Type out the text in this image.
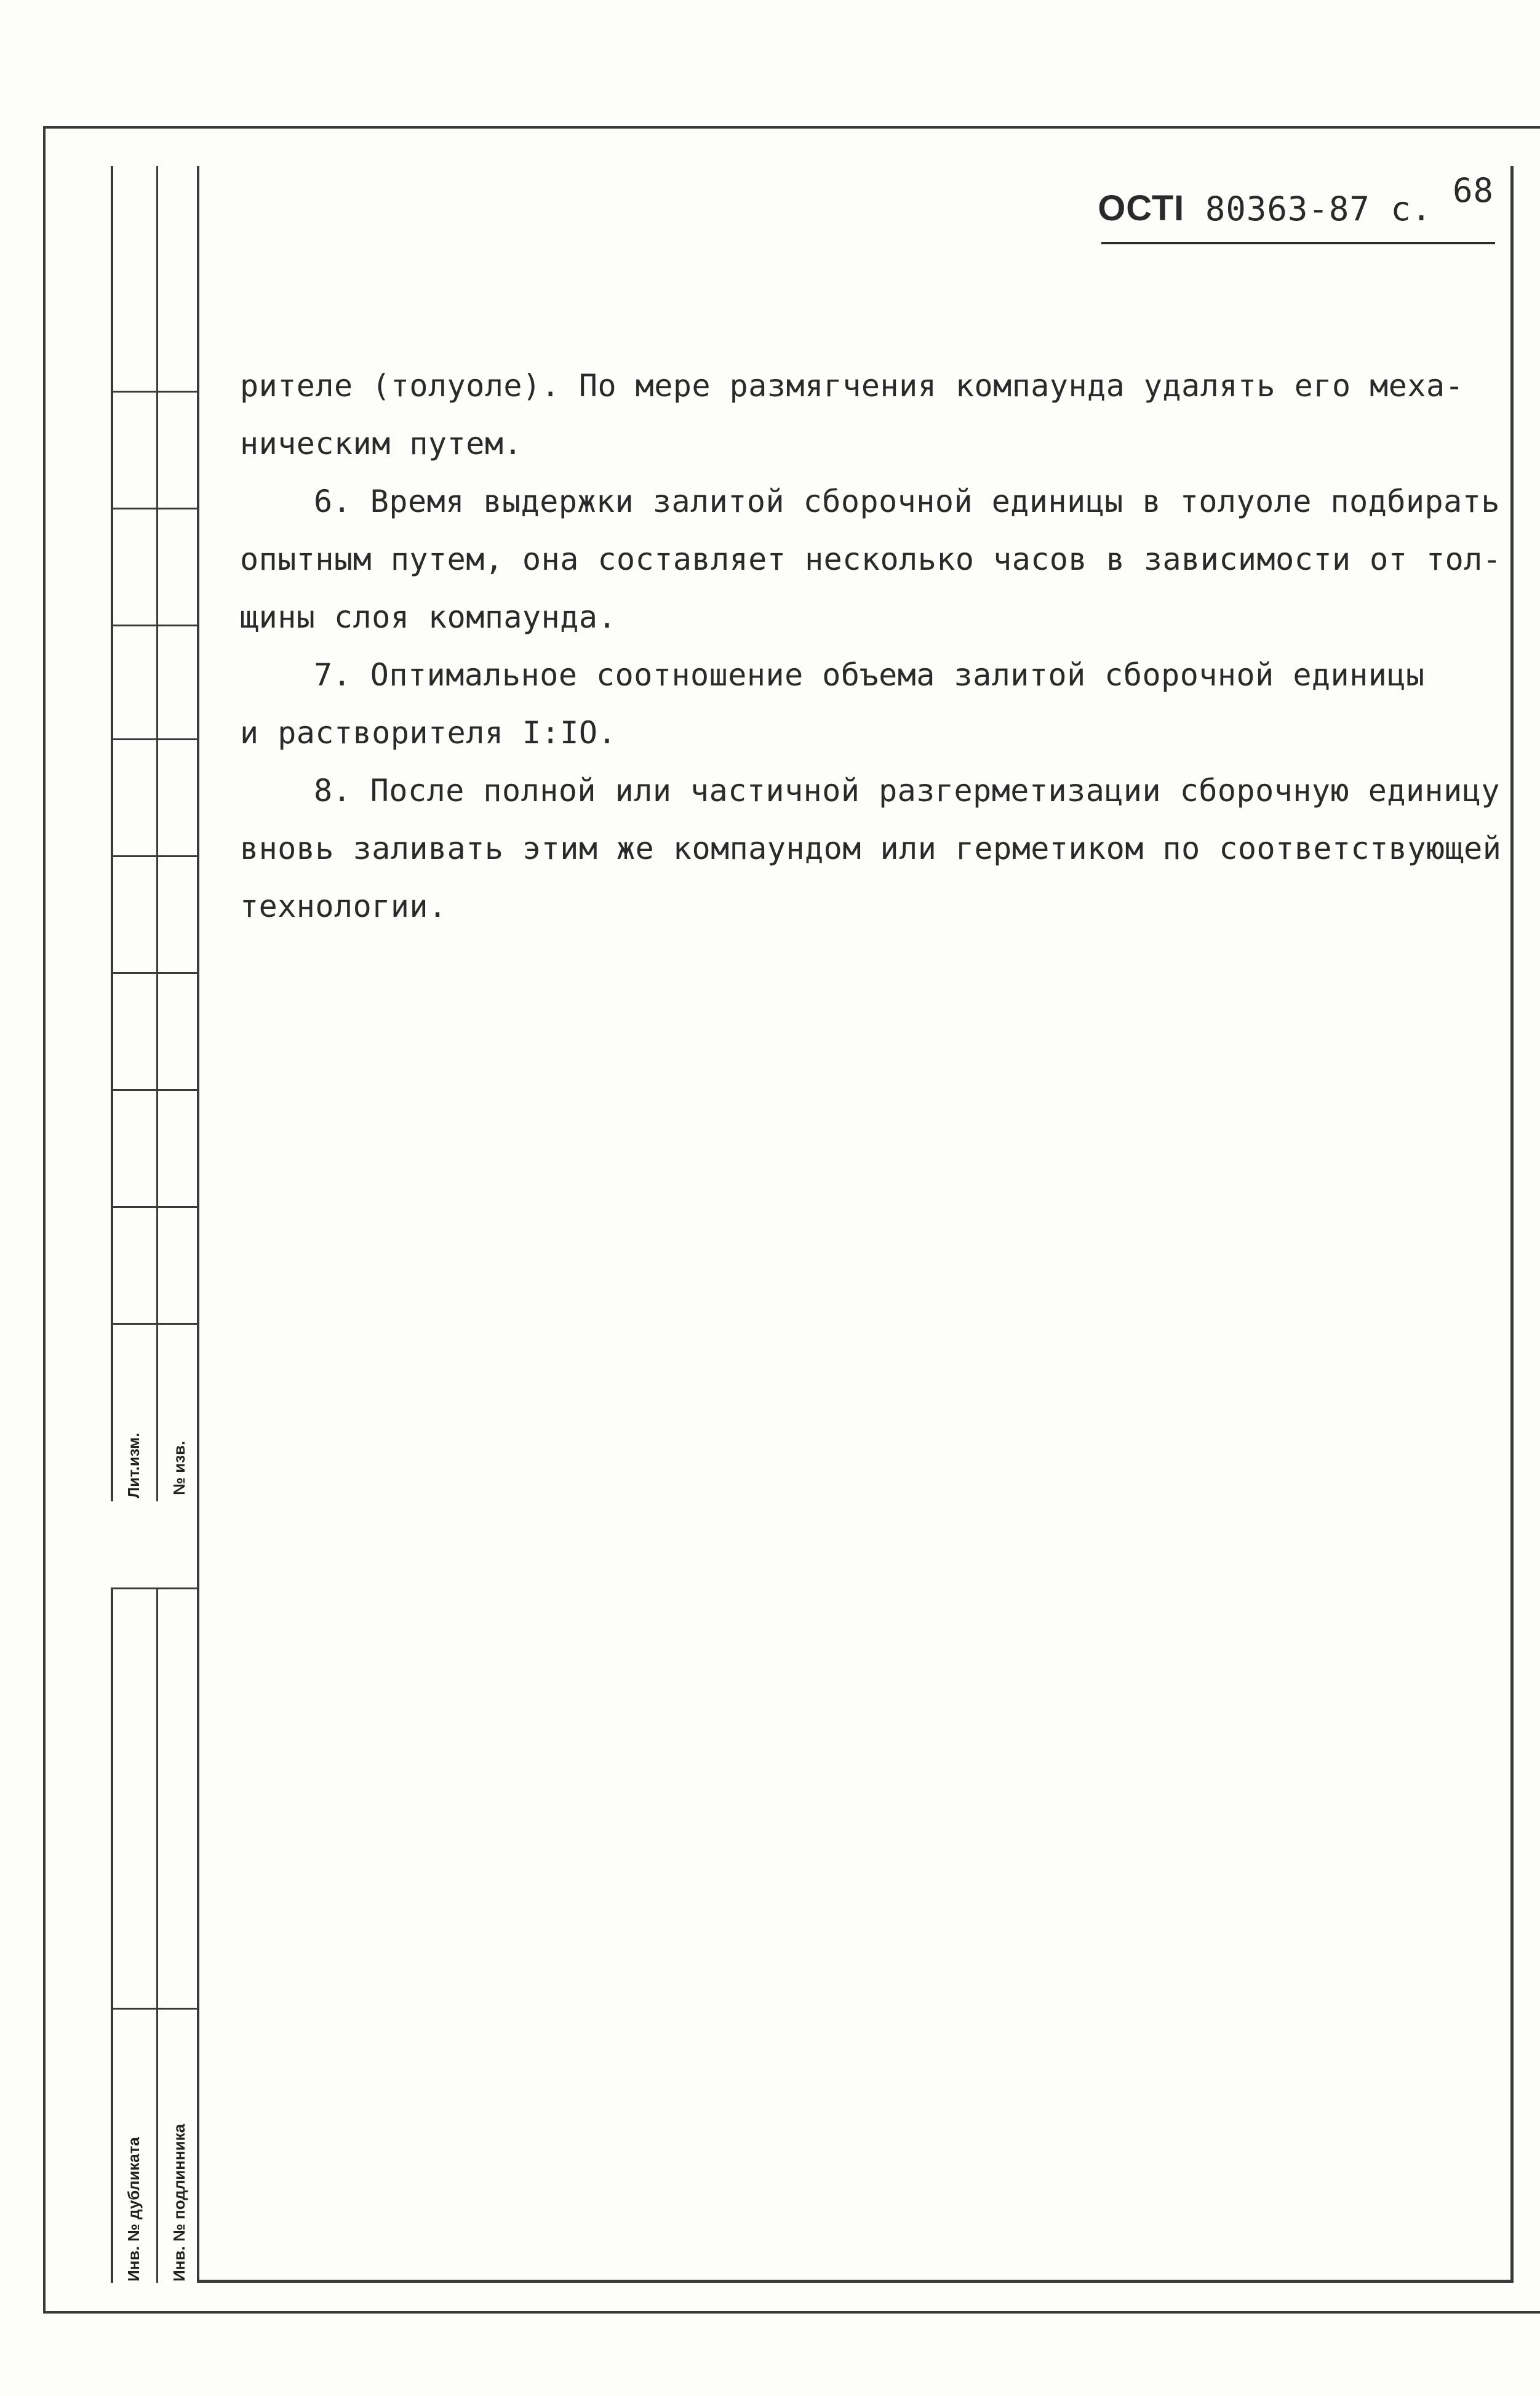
Лит.изм. № изв.
Инв. № дубликата Инв. № подлинника
ОСТI 80363-87 с. 68

рителе (толуоле). По мере размягчения компаунда удалять его меха-

ническим путем.

6. Время выдержки залитой сборочной единицы в толуоле подбирать

опытным путем, она составляет несколько часов в зависимости от тол-

щины слоя компаунда.

7. Оптимальное соотношение объема залитой сборочной единицы

и растворителя I:IO.

8. После полной или частичной разгерметизации сборочную единицу

вновь заливать этим же компаундом или герметиком по соответствующей

технологии.
